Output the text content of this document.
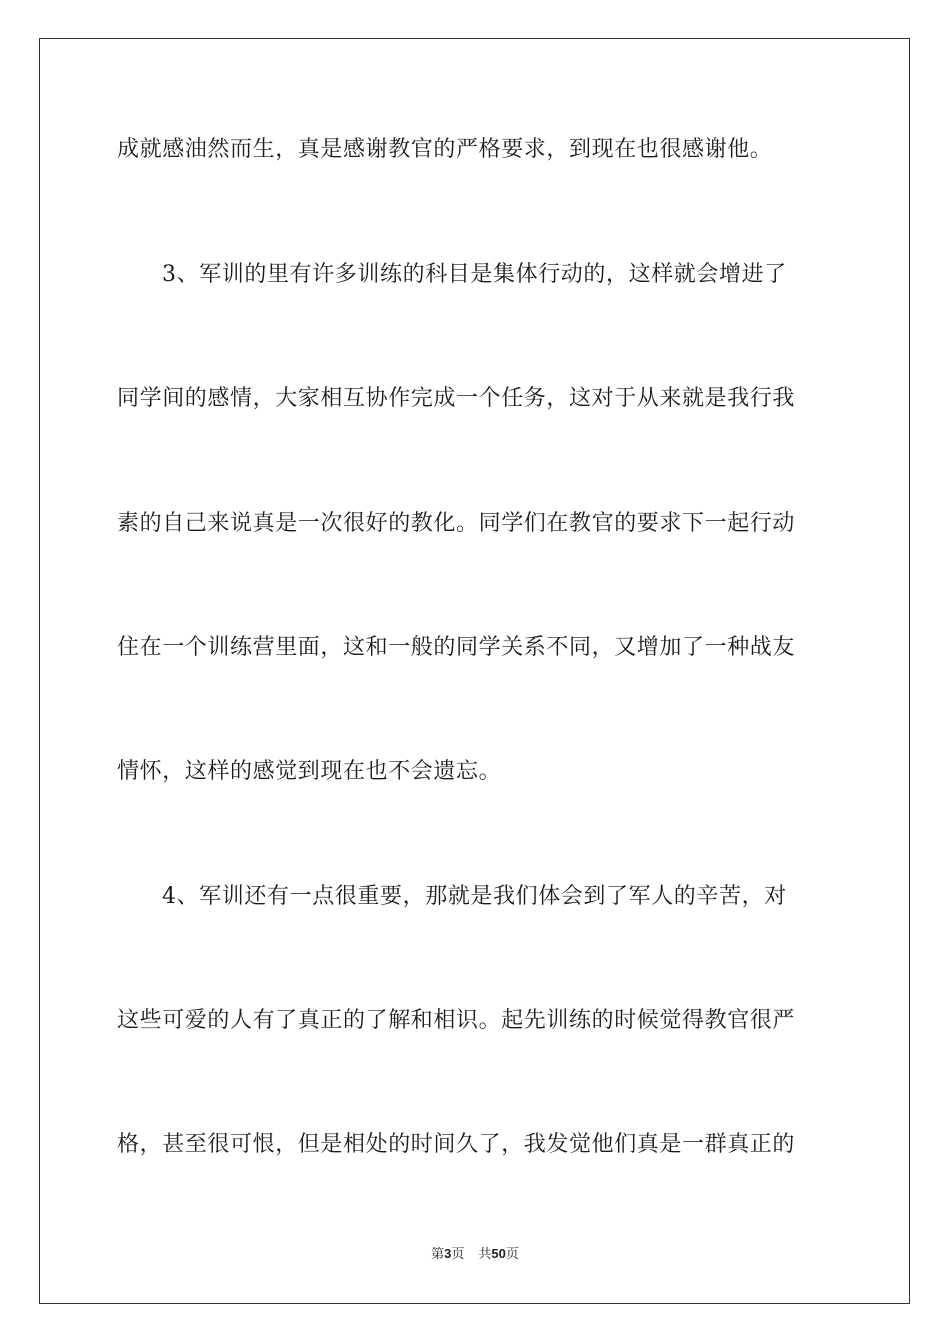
成就感油然而生，真是感谢教官的严格要求，到现在也很感谢他。
3、军训的里有许多训练的科目是集体行动的，这样就会增进了
同学间的感情，大家相互协作完成一个任务，这对于从来就是我行我
素的自己来说真是一次很好的教化。同学们在教官的要求下一起行动
住在一个训练营里面，这和一般的同学关系不同，又增加了一种战友
情怀，这样的感觉到现在也不会遗忘。
4、军训还有一点很重要，那就是我们体会到了军人的辛苦，对
这些可爱的人有了真正的了解和相识。起先训练的时候觉得教官很严
格，甚至很可恨，但是相处的时间久了，我发觉他们真是一群真正的
第3页 共50页
